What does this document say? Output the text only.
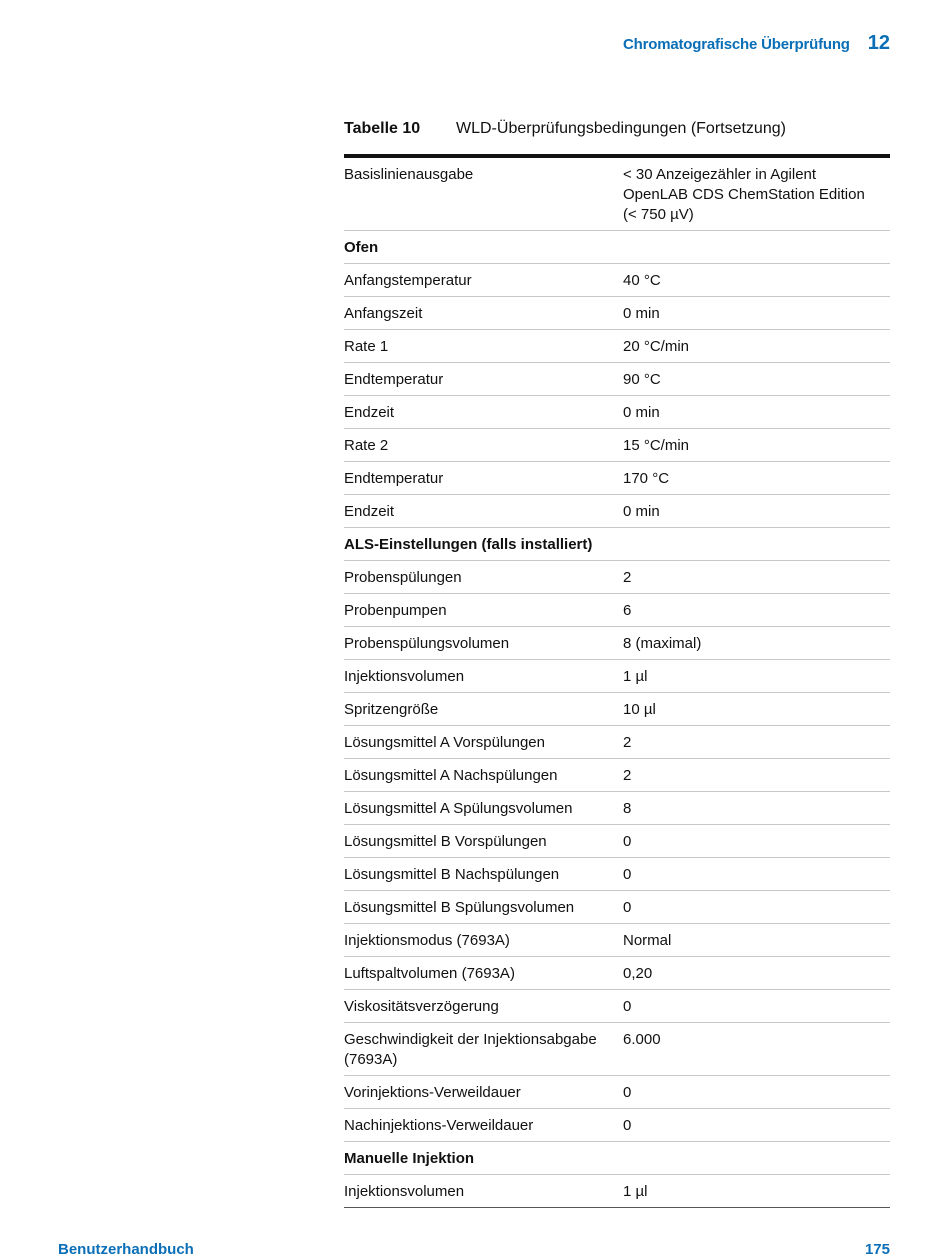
Chromatografische Überprüfung 12
Tabelle 10	WLD-Überprüfungsbedingungen (Fortsetzung)
Basislinienausgabe	< 30 Anzeigezähler in Agilent
OpenLAB CDS ChemStation Edition
(< 750 µV)
Ofen	
Anfangstemperatur	40 °C
Anfangszeit	0 min
Rate 1	20 °C/min
Endtemperatur	90 °C
Endzeit	0 min
Rate 2	15 °C/min
Endtemperatur	170 °C
Endzeit	0 min
ALS-Einstellungen (falls installiert)	
Probenspülungen	2
Probenpumpen	6
Probenspülungsvolumen	8 (maximal)
Injektionsvolumen	1 µl
Spritzengröße	10 µl
Lösungsmittel A Vorspülungen	2
Lösungsmittel A Nachspülungen	2
Lösungsmittel A Spülungsvolumen	8
Lösungsmittel B Vorspülungen	0
Lösungsmittel B Nachspülungen	0
Lösungsmittel B Spülungsvolumen	0
Injektionsmodus (7693A)	Normal
Luftspaltvolumen (7693A)	0,20
Viskositätsverzögerung	0
Geschwindigkeit der Injektionsabgabe
(7693A)	6.000
Vorinjektions-Verweildauer	0
Nachinjektions-Verweildauer	0
Manuelle Injektion	
Injektionsvolumen	1 µl
Benutzerhandbuch	175
